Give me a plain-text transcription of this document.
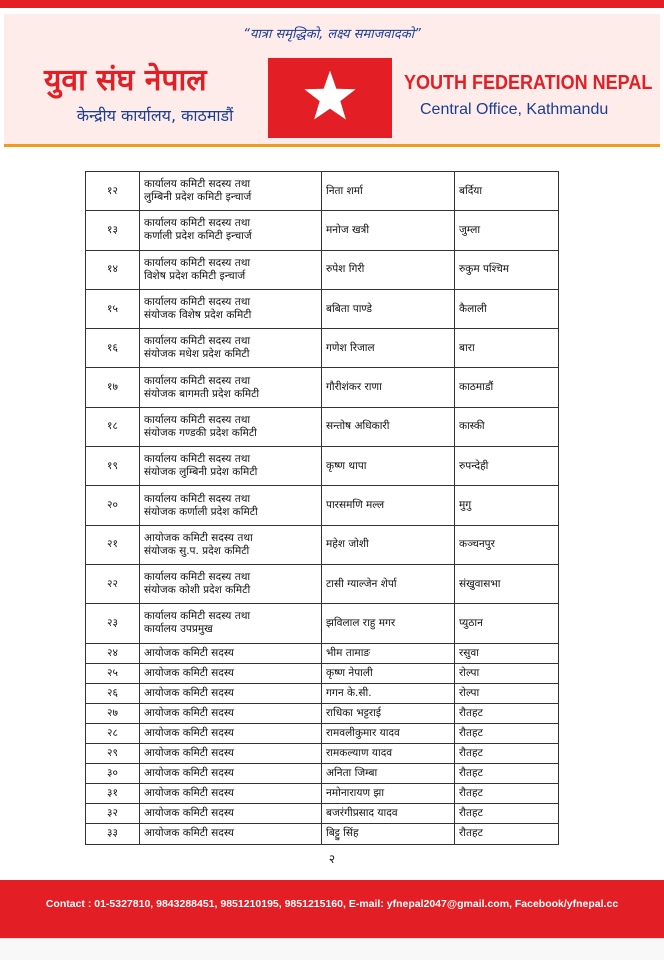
“यात्रा समृद्धिको, लक्ष्य समाजवादको”
युवा संघ नेपाल
केन्द्रीय कार्यालय, काठमाडौं
YOUTH FEDERATION NEPAL
Central Office, Kathmandu
१२	कार्यालय कमिटी सदस्य तथा
लुम्बिनी प्रदेश कमिटी इन्चार्ज	निता शर्मा	बर्दिया
१३	कार्यालय कमिटी सदस्य तथा
कर्णाली प्रदेश कमिटी इन्चार्ज	मनोज खत्री	जुम्ला
१४	कार्यालय कमिटी सदस्य तथा
विशेष प्रदेश कमिटी इन्चार्ज	रुपेश गिरी	रुकुम पश्चिम
१५	कार्यालय कमिटी सदस्य तथा
संयोजक विशेष प्रदेश कमिटी	बबिता पाण्डे	कैलाली
१६	कार्यालय कमिटी सदस्य तथा
संयोजक मधेश प्रदेश कमिटी	गणेश रिजाल	बारा
१७	कार्यालय कमिटी सदस्य तथा
संयोजक बागमती प्रदेश कमिटी	गौरीशंकर राणा	काठमाडौं
१८	कार्यालय कमिटी सदस्य तथा
संयोजक गण्डकी प्रदेश कमिटी	सन्तोष अधिकारी	कास्की
१९	कार्यालय कमिटी सदस्य तथा
संयोजक लुम्बिनी प्रदेश कमिटी	कृष्ण थापा	रुपन्देही
२०	कार्यालय कमिटी सदस्य तथा
संयोजक कर्णाली प्रदेश कमिटी	पारसमणि मल्ल	मुगु
२१	आयोजक कमिटी सदस्य तथा
संयोजक सु.प. प्रदेश कमिटी	महेश जोशी	कञ्चनपुर
२२	कार्यालय कमिटी सदस्य तथा
संयोजक कोशी प्रदेश कमिटी	टासी ग्याल्जेन शेर्पा	संखुवासभा
२३	कार्यालय कमिटी सदस्य तथा
कार्यालय उपप्रमुख	झविलाल राहु मगर	प्युठान
२४	आयोजक कमिटी सदस्य	भीम तामाङ	रसुवा
२५	आयोजक कमिटी सदस्य	कृष्ण नेपाली	रोल्पा
२६	आयोजक कमिटी सदस्य	गगन के.सी.	रोल्पा
२७	आयोजक कमिटी सदस्य	राधिका भट्टराई	रौतहट
२८	आयोजक कमिटी सदस्य	रामवलीकुमार यादव	रौतहट
२९	आयोजक कमिटी सदस्य	रामकल्याण यादव	रौतहट
३०	आयोजक कमिटी सदस्य	अनिता जिम्बा	रौतहट
३१	आयोजक कमिटी सदस्य	नमोनारायण झा	रौतहट
३२	आयोजक कमिटी सदस्य	बजरंगीप्रसाद यादव	रौतहट
३३	आयोजक कमिटी सदस्य	बिट्टु सिंह	रौतहट
२
Contact : 01-5327810, 9843288451, 9851210195, 9851215160, E-mail: yfnepal2047@gmail.com, Facebook/yfnepal.cc
